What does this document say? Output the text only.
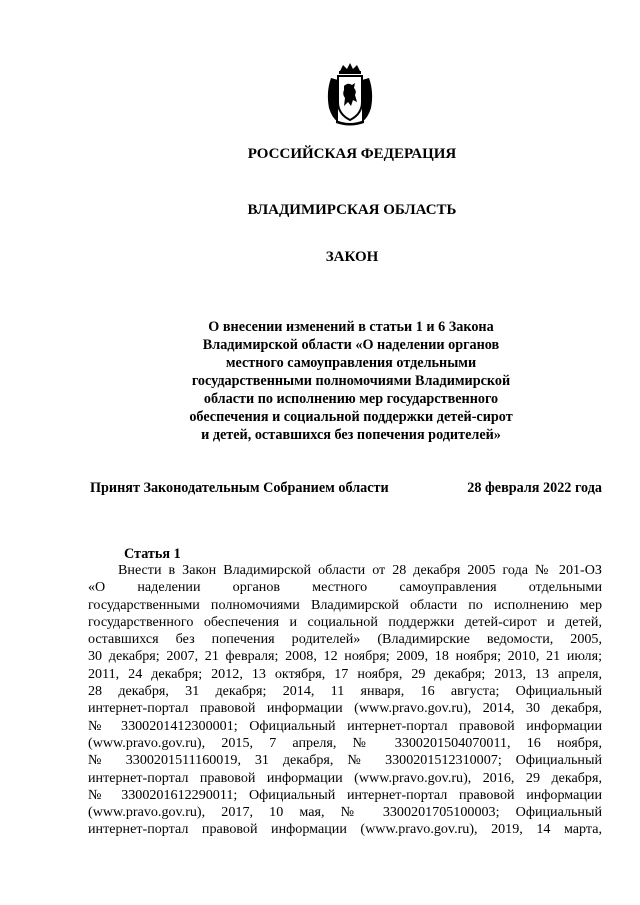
РОССИЙСКАЯ ФЕДЕРАЦИЯ
ВЛАДИМИРСКАЯ ОБЛАСТЬ
ЗАКОН
О внесении изменений в статьи 1 и 6 Закона
Владимирской области «О наделении органов
местного самоуправления отдельными
государственными полномочиями Владимирской
области по исполнению мер государственного
обеспечения и социальной поддержки детей-сирот
и детей, оставшихся без попечения родителей»
Принят Законодательным Собранием области	28 февраля 2022 года
Статья 1
Внести в Закон Владимирской области от 28 декабря 2005 года № 201-ОЗ
«О наделении органов местного самоуправления отдельными
государственными полномочиями Владимирской области по исполнению мер
государственного обеспечения и социальной поддержки детей-сирот и детей,
оставшихся без попечения родителей» (Владимирские ведомости, 2005,
30 декабря; 2007, 21 февраля; 2008, 12 ноября; 2009, 18 ноября; 2010, 21 июля;
2011, 24 декабря; 2012, 13 октября, 17 ноября, 29 декабря; 2013, 13 апреля,
28 декабря, 31 декабря; 2014, 11 января, 16 августа; Официальный
интернет-портал правовой информации (www.pravo.gov.ru), 2014, 30 декабря,
№ 3300201412300001; Официальный интернет-портал правовой информации
(www.pravo.gov.ru), 2015, 7 апреля, № 3300201504070011, 16 ноября,
№ 3300201511160019, 31 декабря, № 3300201512310007; Официальный
интернет-портал правовой информации (www.pravo.gov.ru), 2016, 29 декабря,
№ 3300201612290011; Официальный интернет-портал правовой информации
(www.pravo.gov.ru), 2017, 10 мая, № 3300201705100003; Официальный
интернет-портал правовой информации (www.pravo.gov.ru), 2019, 14 марта,
